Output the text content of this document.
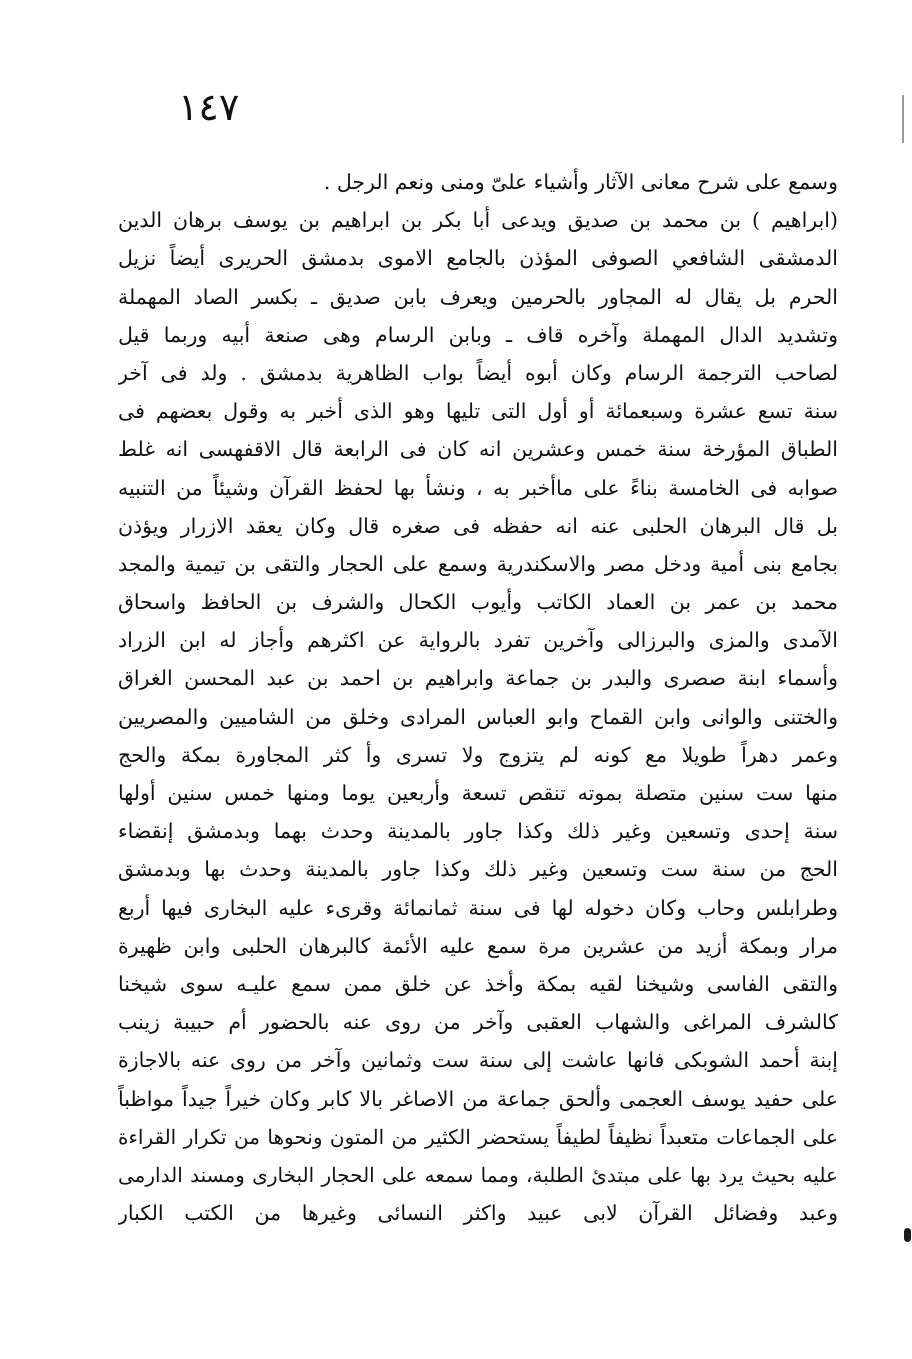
١٤٧
وسمع على شرح معانى الآثار وأشياء علىّ ومنى ونعم الرجل .
(ابراهيم ) بن محمد بن صديق ويدعى أبا بكر بن ابراهيم بن يوسف برهان الدين
الدمشقى الشافعي الصوفى المؤذن بالجامع الاموى بدمشق الحريرى أيضاً نزيل
الحرم بل يقال له المجاور بالحرمين ويعرف بابن صديق ـ بكسر الصاد المهملة
وتشديد الدال المهملة وآخره قاف ـ وبابن الرسام وهى صنعة أبيه وربما قيل
لصاحب الترجمة الرسام وكان أبوه أيضاً بواب الظاهرية بدمشق . ولد فى آخر
سنة تسع عشرة وسبعمائة أو أول التى تليها وهو الذى أخبر به وقول بعضهم فى
الطباق المؤرخة سنة خمس وعشرين انه كان فى الرابعة قال الاقفهسى انه غلط
صوابه فى الخامسة بناءً على ماأخبر به ، ونشأ بها لحفظ القرآن وشيئاً من التنبيه
بل قال البرهان الحلبى عنه انه حفظه فى صغره قال وكان يعقد الازرار ويؤذن
بجامع بنى أمية ودخل مصر والاسكندرية وسمع على الحجار والتقى بن تيمية والمجد
محمد بن عمر بن العماد الكاتب وأيوب الكحال والشرف بن الحافظ واسحاق
الآمدى والمزى والبرزالى وآخرين تفرد بالرواية عن اكثرهم وأجاز له ابن الزراد
وأسماء ابنة صصرى والبدر بن جماعة وابراهيم بن احمد بن عبد المحسن الغراق
والختنى والوانى وابن القماح وابو العباس المرادى وخلق من الشاميين والمصريين
وعمر دهراً طويلا مع كونه لم يتزوج ولا تسرى وأ كثر المجاورة بمكة والحج
منها ست سنين متصلة بموته تنقص تسعة وأربعين يوما ومنها خمس سنين أولها
سنة إحدى وتسعين وغير ذلك وكذا جاور بالمدينة وحدث بهما وبدمشق إنقضاء
الحج من سنة ست وتسعين وغير ذلك وكذا جاور بالمدينة وحدث بها وبدمشق
وطرابلس وحاب وكان دخوله لها فى سنة ثمانمائة وقرىء عليه البخارى فيها أربع
مرار وبمكة أزيد من عشرين مرة سمع عليه الأئمة كالبرهان الحلبى وابن ظهيرة
والتقى الفاسى وشيخنا لقيه بمكة وأخذ عن خلق ممن سمع عليـه سوى شيخنا
كالشرف المراغى والشهاب العقبى وآخر من روى عنه بالحضور أم حبيبة زينب
إبنة أحمد الشوبكى فانها عاشت إلى سنة ست وثمانين وآخر من روى عنه بالاجازة
على حفيد يوسف العجمى وألحق جماعة من الاصاغر بالا كابر وكان خيراً جيداً مواظباً
على الجماعات متعبداً نظيفاً لطيفاً يستحضر الكثير من المتون ونحوها من تكرار القراءة
عليه بحيث يرد بها على مبتدئ الطلبة، ومما سمعه على الحجار البخارى ومسند الدارمى
وعبد وفضائل القرآن لابى عبيد واكثر النسائى وغيرها من الكتب الكبار
